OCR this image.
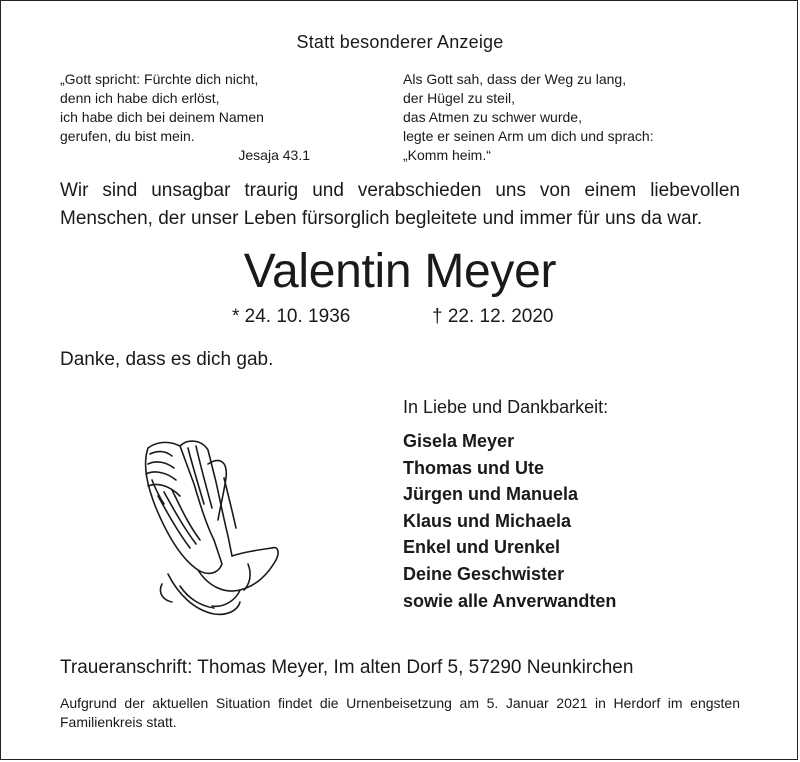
Statt besonderer Anzeige
„Gott spricht: Fürchte dich nicht,
denn ich habe dich erlöst,
ich habe dich bei deinem Namen
gerufen, du bist mein.
Jesaja 43.1
Als Gott sah, dass der Weg zu lang,
der Hügel zu steil,
das Atmen zu schwer wurde,
legte er seinen Arm um dich und sprach:
„Komm heim.“
Wir sind unsagbar traurig und verabschieden uns von einem liebevollen Menschen, der unser Leben fürsorglich begleitete und immer für uns da war.
Valentin Meyer
* 24. 10. 1936	† 22. 12. 2020
Danke, dass es dich gab.
In Liebe und Dankbarkeit:
Gisela Meyer
Thomas und Ute
Jürgen und Manuela
Klaus und Michaela
Enkel und Urenkel
Deine Geschwister
sowie alle Anverwandten
Traueranschrift: Thomas Meyer, Im alten Dorf 5, 57290 Neunkirchen
Aufgrund der aktuellen Situation findet die Urnenbeisetzung am 5. Januar 2021 in Herdorf im engsten Familienkreis statt.
